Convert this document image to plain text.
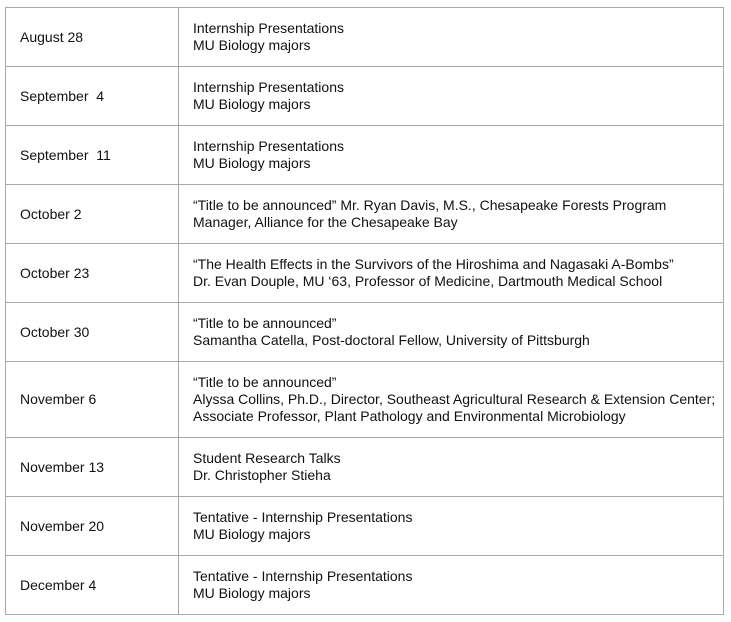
August 28	Internship Presentations
MU Biology majors

September  4	Internship Presentations
MU Biology majors

September  11	Internship Presentations
MU Biology majors

October 2	“Title to be announced” Mr. Ryan Davis, M.S., Chesapeake Forests Program
Manager, Alliance for the Chesapeake Bay

October 23	“The Health Effects in the Survivors of the Hiroshima and Nagasaki A-Bombs”
Dr. Evan Douple, MU ‘63, Professor of Medicine, Dartmouth Medical School

October 30	“Title to be announced”
Samantha Catella, Post-doctoral Fellow, University of Pittsburgh

November 6	“Title to be announced”
Alyssa Collins, Ph.D., Director, Southeast Agricultural Research & Extension Center;
Associate Professor, Plant Pathology and Environmental Microbiology

November 13	Student Research Talks
Dr. Christopher Stieha

November 20	Tentative - Internship Presentations
MU Biology majors

December 4	Tentative - Internship Presentations
MU Biology majors
